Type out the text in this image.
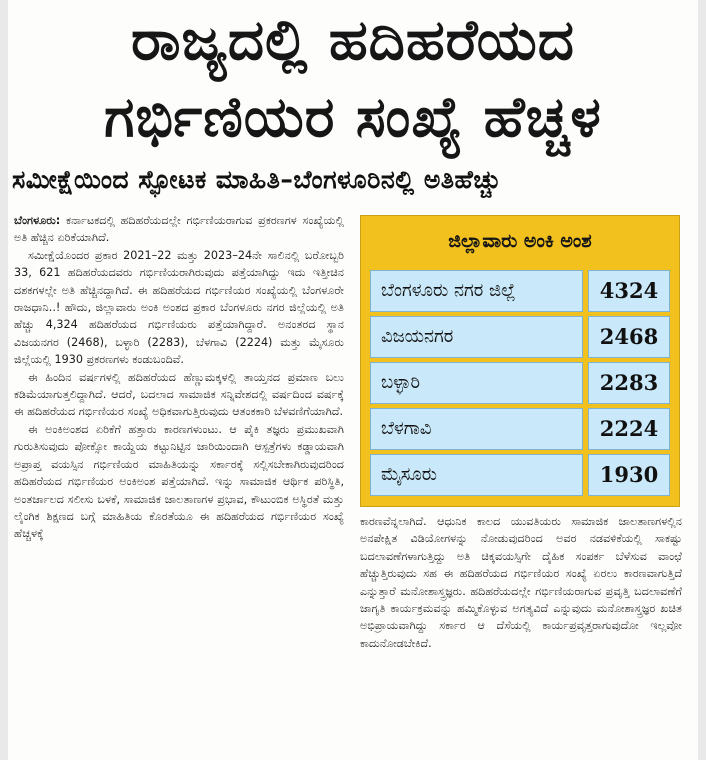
ರಾಜ್ಯದಲ್ಲಿ ಹದಿಹರೆಯದ
ಗರ್ಭಿಣಿಯರ ಸಂಖ್ಯೆ ಹೆಚ್ಚಳ
ಸಮೀಕ್ಷೆಯಿಂದ ಸ್ಫೋಟಕ ಮಾಹಿತಿ–ಬೆಂಗಳೂರಿನಲ್ಲಿ ಅತಿಹೆಚ್ಚು

ಬೆಂಗಳೂರು: ಕರ್ನಾಟಕದಲ್ಲಿ ಹದಿಹರೆಯದಲ್ಲೇ ಗರ್ಭಿಣಿಯರಾಗುವ ಪ್ರಕರಣಗಳ ಸಂಖ್ಯೆಯಲ್ಲಿ ಅತಿ ಹೆಚ್ಚಿನ ಏರಿಕೆಯಾಗಿದೆ.

ಸಮೀಕ್ಷೆಯೊಂದರ ಪ್ರಕಾರ 2021–22 ಮತ್ತು 2023–24ನೇ ಸಾಲಿನಲ್ಲಿ ಬರೋಬ್ಬರಿ 33, 621 ಹದಿಹರೆಯದವರು ಗರ್ಭಿಣಿಯರಾಗಿರುವುದು ಪತ್ತೆಯಾಗಿದ್ದು ಇದು ಇತ್ತೀಚಿನ ದಶಕಗಳಲ್ಲೇ ಅತಿ ಹೆಚ್ಚಿನದ್ದಾಗಿದೆ. ಈ ಹದಿಹರೆಯದ ಗರ್ಭಿಣಿಯರ ಸಂಖ್ಯೆಯಲ್ಲಿ ಬೆಂಗಳೂರೇ ರಾಜಧಾನಿ..! ಹೌದು, ಜಿಲ್ಲಾವಾರು ಅಂಕಿ ಅಂಶದ ಪ್ರಕಾರ ಬೆಂಗಳೂರು ನಗರ ಜಿಲ್ಲೆಯಲ್ಲಿ ಅತಿ ಹೆಚ್ಚು 4,324 ಹದಿಹರೆಯದ ಗರ್ಭಿಣಿಯರು ಪತ್ತೆಯಾಗಿದ್ದಾರೆ. ಅನಂತರದ ಸ್ಥಾನ ವಿಜಯನಗರ (2468), ಬಳ್ಳಾರಿ (2283), ಬೆಳಗಾವಿ (2224) ಮತ್ತು ಮೈಸೂರು ಜಿಲ್ಲೆಯಲ್ಲಿ 1930 ಪ್ರಕರಣಗಳು ಕಂಡುಬಂದಿವೆ.

ಈ ಹಿಂದಿನ ವರ್ಷಗಳಲ್ಲಿ ಹದಿಹರೆಯದ ಹೆಣ್ಣುಮಕ್ಕಳಲ್ಲಿ ತಾಯ್ತನದ ಪ್ರಮಾಣ ಬಲು ಕಡಿಮೆಯಾಗುತ್ತಲಿದ್ದಾಗಿದೆ. ಆದರೆ, ಬದಲಾದ ಸಾಮಾಜಿಕ ಸನ್ನಿವೇಶದಲ್ಲಿ ವರ್ಷದಿಂದ ವರ್ಷಕ್ಕೆ ಈ ಹದಿಹರೆಯದ ಗರ್ಭಿಣಿಯರ ಸಂಖ್ಯೆ ಅಧಿಕವಾಗುತ್ತಿರುವುದು ಆತಂಕಕಾರಿ ಬೆಳವಣಿಗೆಯಾಗಿದೆ.

ಈ ಅಂಕಿಅಂಶದ ಏರಿಕೆಗೆ ಹತ್ತಾರು ಕಾರಣಗಳುಂಟು. ಆ ಪೈಕಿ ತಜ್ಞರು ಪ್ರಮುಖವಾಗಿ ಗುರುತಿಸುವುದು ಪೋಕ್ಸೋ ಕಾಯ್ದೆಯ ಕಟ್ಟುನಿಟ್ಟಿನ ಜಾರಿಯಿಂದಾಗಿ ಆಸ್ಪತ್ರೆಗಳು ಕಡ್ಡಾಯವಾಗಿ ಅಪ್ರಾಪ್ತ ವಯಸ್ಸಿನ ಗರ್ಭಿಣಿಯರ ಮಾಹಿತಿಯನ್ನು ಸರ್ಕಾರಕ್ಕೆ ಸಲ್ಲಿಸಬೇಕಾಗಿರುವುದರಿಂದ ಹದಿಹರೆಯದ ಗರ್ಭಿಣಿಯರ ಅಂಕಿಅಂಶ ಪತ್ತೆಯಾಗಿದೆ. ಇನ್ನು ಸಾಮಾಜಿಕ ಆರ್ಥಿಕ ಪರಿಸ್ಥಿತಿ, ಅಂತರ್ಜಾಲದ ಸಲೀಸು ಬಳಕೆ, ಸಾಮಾಜಿಕ ಜಾಲತಾಣಗಳ ಪ್ರಭಾವ, ಕೌಟುಂಬಿಕ ಅಸ್ಥಿರತೆ ಮತ್ತು ಲೈಂಗಿಕ ಶಿಕ್ಷಣದ ಬಗ್ಗೆ ಮಾಹಿತಿಯ ಕೊರತೆಯೂ ಈ ಹದಿಹರೆಯದ ಗರ್ಭಿಣಿಯರ ಸಂಖ್ಯೆ ಹೆಚ್ಚಳಕ್ಕೆ

ಜಿಲ್ಲಾವಾರು ಅಂಕಿ ಅಂಶ
ಬೆಂಗಳೂರು ನಗರ ಜಿಲ್ಲೆ	4324
ವಿಜಯನಗರ	2468
ಬಳ್ಳಾರಿ	2283
ಬೆಳಗಾವಿ	2224
ಮೈಸೂರು	1930

ಕಾರಣವೆನ್ನಲಾಗಿದೆ. ಆಧುನಿಕ ಕಾಲದ ಯುವತಿಯರು ಸಾಮಾಜಿಕ ಜಾಲತಾಣಗಳಲ್ಲಿನ ಅನಪೇಕ್ಷಿತ ವಿಡಿಯೋಗಳನ್ನು ನೋಡುವುದರಿಂದ ಅವರ ನಡವಳಿಕೆಯಲ್ಲಿ ಸಾಕಷ್ಟು ಬದಲಾವಣೆಗಳಾಗುತ್ತಿದ್ದು ಅತಿ ಚಿಕ್ಕವಯಸ್ಸಿಗೇ ದೈಹಿಕ ಸಂಪರ್ಕ ಬೆಳೆಸುವ ವಾಂಛೆ ಹೆಚ್ಚುತ್ತಿರುವುದು ಸಹ ಈ ಹದಿಹರೆಯದ ಗರ್ಭಿಣಿಯರ ಸಂಖ್ಯೆ ಏರಲು ಕಾರಣವಾಗುತ್ತಿದೆ ಎನ್ನುತ್ತಾರೆ ಮನೋಶಾಸ್ತ್ರಜ್ಞರು. ಹದಿಹರೆಯದಲ್ಲೇ ಗರ್ಭಿಣಿಯರಾಗುವ ಪ್ರವೃತ್ತಿ ಬದಲಾವಣೆಗೆ ಜಾಗೃತಿ ಕಾರ್ಯಕ್ರಮವನ್ನು ಹಮ್ಮಿಕೊಳ್ಳುವ ಅಗತ್ಯವಿದೆ ಎನ್ನುವುದು ಮನೋಶಾಸ್ತ್ರಜ್ಞರ ಖಚಿತ ಅಭಿಪ್ರಾಯವಾಗಿದ್ದು ಸರ್ಕಾರ ಆ ದೆಸೆಯಲ್ಲಿ ಕಾರ್ಯಪ್ರವೃತ್ತರಾಗುವುದೋ ಇಲ್ಲವೋ ಕಾದುನೋಡಬೇಕಿದೆ.
